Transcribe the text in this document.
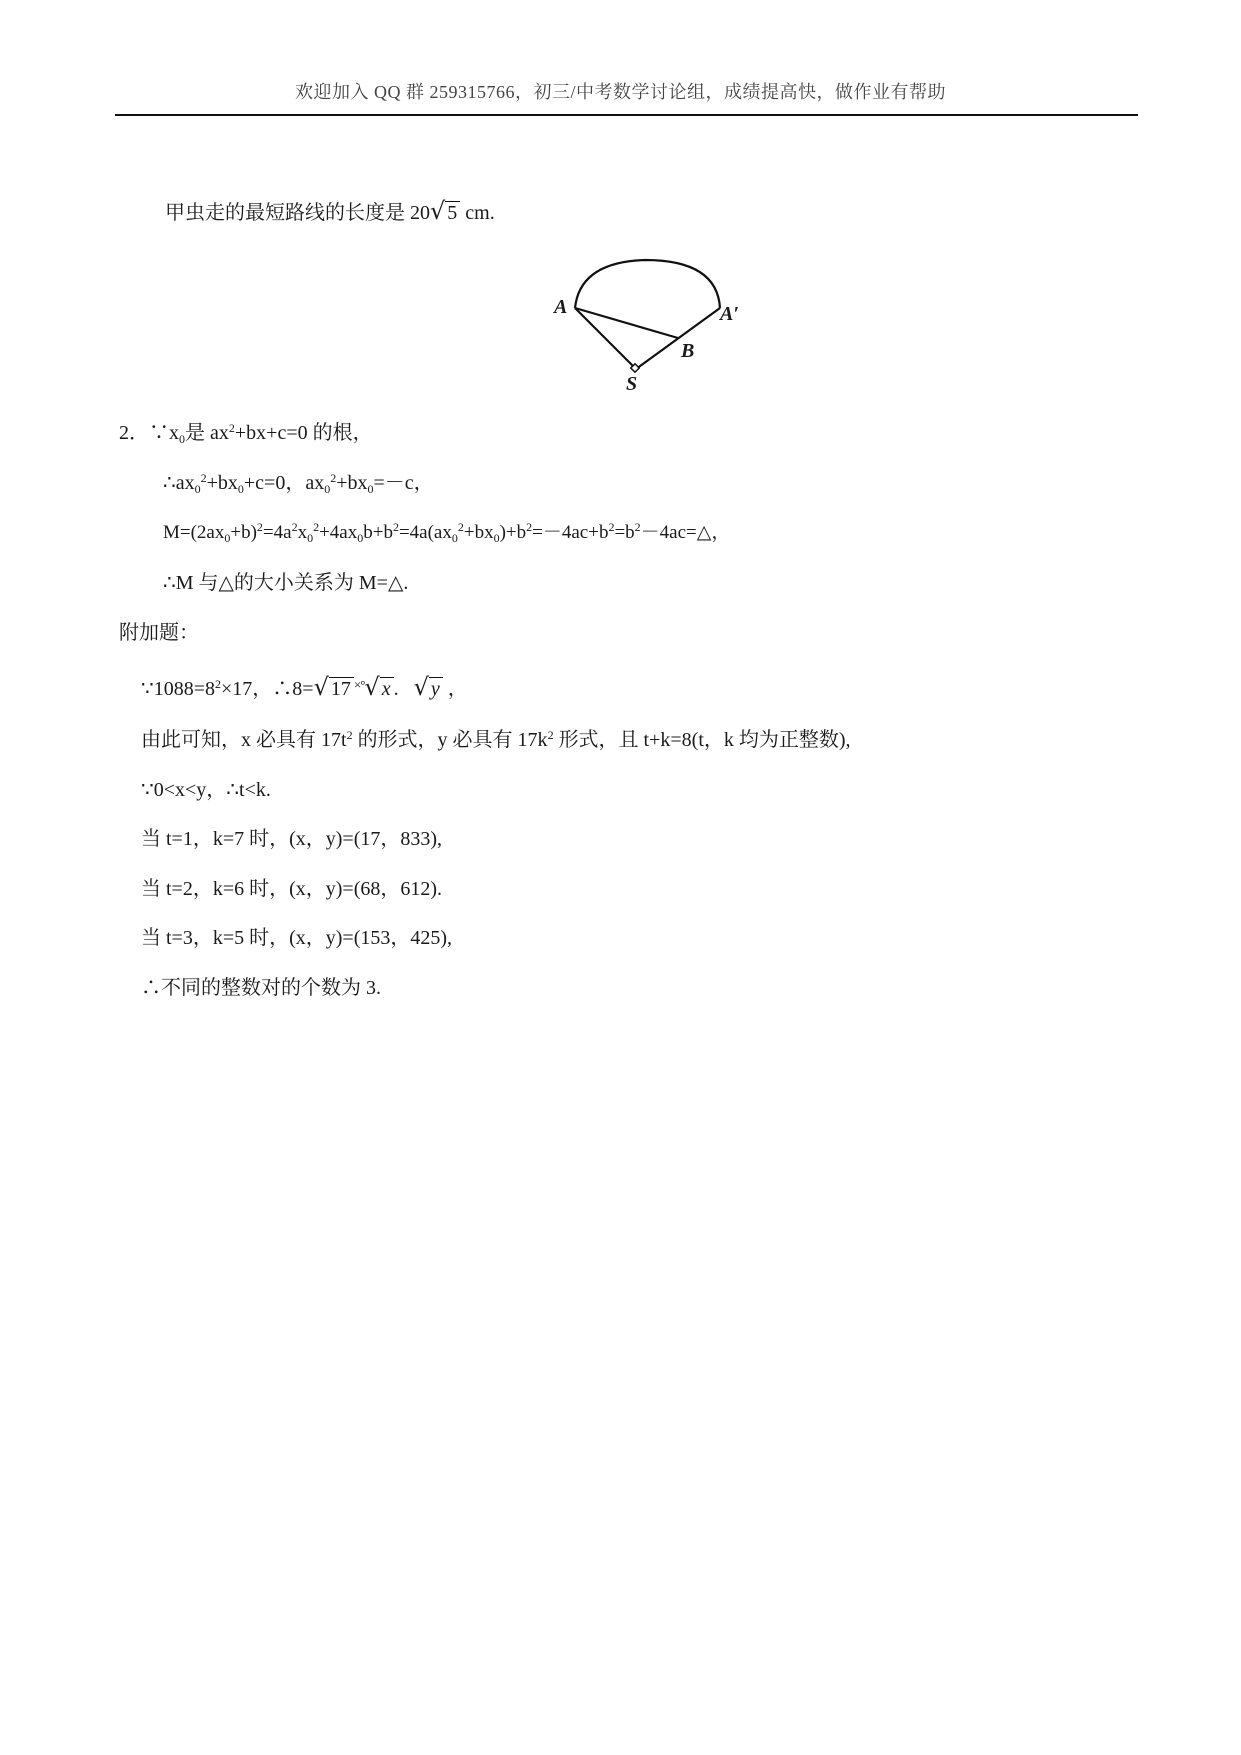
欢迎加入 QQ 群 259315766，初三/中考数学讨论组，成绩提高快，做作业有帮助
甲虫走的最短路线的长度是 20√ 5 cm.
A	A′
B
S
2．$\because x_0$是 $ax^2+bx+c=0$ 的根，
$\therefore ax_0^2+bx_0+c=0$，$ax_0^2+bx_0=-c$，
$M=(2ax_0+b)^2=4a^2x_0^2+4ax_0b+b^2=4a(ax_0^2+bx_0)+b^2=-4ac+b^2=b^2-4ac=\triangle$，
∴M 与△的大小关系为 M=△.
附加题：
$\because 1088=8^2\times 17$，∴8=√ 17 ×°√ x . √ y ，
由此可知，x 必具有 $17t^2$ 的形式，y 必具有 $17k^2$ 形式，且 t+k=8(t，k 均为正整数),
∵0<x<y，∴t<k.
当 t=1，k=7 时，(x，y)=(17，833),
当 t=2，k=6 时，(x，y)=(68，612).
当 t=3，k=5 时，(x，y)=(153，425),
∴不同的整数对的个数为 3.
